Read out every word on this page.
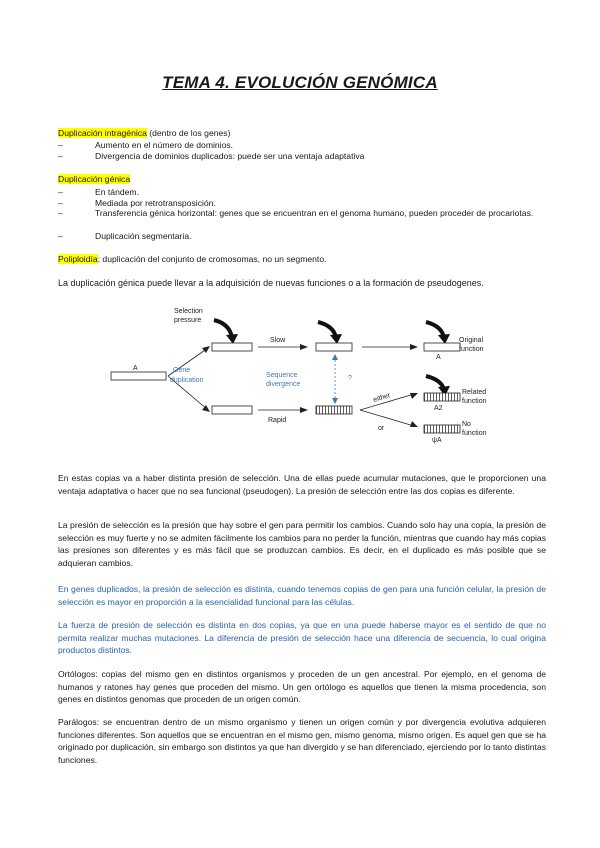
TEMA 4. EVOLUCIÓN GENÓMICA
Duplicación intragénica (dentro de los genes)
–	Aumento en el número de dominios.
–	Divergencia de dominios duplicados: puede ser una ventaja adaptativa
Duplicación génica
–	En tándem.
–	Mediada por retrotransposición.
–	Transferencia génica horizontal: genes que se encuentran en el genoma humano, pueden proceder de procariotas.
–	Duplicación segmentaria.
Poliploidía: duplicación del conjunto de cromosomas, no un segmento.
La duplicación génica puede llevar a la adquisición de nuevas funciones o a la formación de pseudogenes.
Selection
pressure
A	Gene
duplication
Slow
A
Original
function
Sequence
divergence
?
Rapid
either
or
A2
Related
function
ψA
No
function
En estas copias va a haber distinta presión de selección. Una de ellas puede acumular mutaciones, que le proporcionen una ventaja adaptativa o hacer que no sea funcional (pseudogen). La presión de selección entre las dos copias es diferente.
La presión de selección es la presión que hay sobre el gen para permitir los cambios. Cuando solo hay una copia, la presión de selección es muy fuerte y no se admiten fácilmente los cambios para no perder la función, mientras que cuando hay más copias las presiones son diferentes y es más fácil que se produzcan cambios. Es decir, en el duplicado es más posible que se adquieran cambios.
En genes duplicados, la presión de selección es distinta, cuando tenemos copias de gen para una función celular, la presión de selección es mayor en proporción a la esencialidad funcional para las células.
La fuerza de presión de selección es distinta en dos copias, ya que en una puede haberse mayor es el sentido de que no permita realizar muchas mutaciones. La diferencia de presión de selección hace una diferencia de secuencia, lo cual origina productos distintos.
Ortólogos: copias del mismo gen en distintos organismos y proceden de un gen ancestral. Por ejemplo, en el genoma de humanos y ratones hay genes que proceden del mismo. Un gen ortólogo es aquellos que tienen la misma procedencia, son genes en distintos genomas que proceden de un origen común.
Parálogos: se encuentran dentro de un mismo organismo y tienen un origen común y por divergencia evolutiva adquieren funciones diferentes. Son aquellos que se encuentran en el mismo gen, mismo genoma, mismo origen. Es aquel gen que se ha originado por duplicación, sin embargo son distintos ya que han divergido y se han diferenciado, ejerciendo por lo tanto distintas funciones.
